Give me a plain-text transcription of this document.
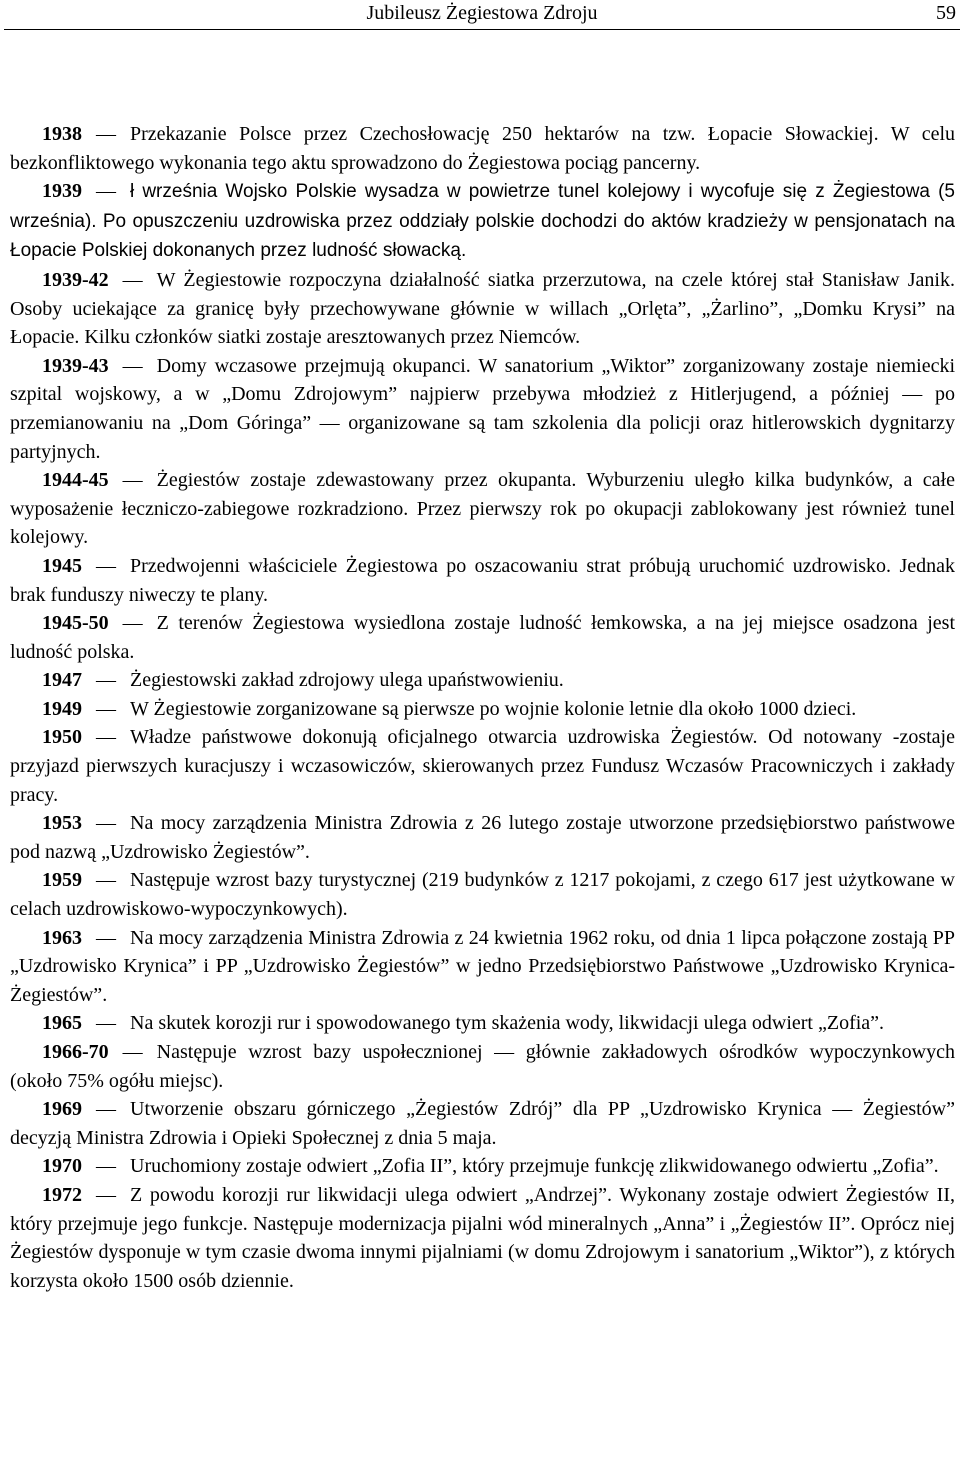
Jubileusz Żegiestowa Zdroju	59

1938 — Przekazanie Polsce przez Czechosłowację 250 hektarów na tzw. Łopacie Słowackiej. W celu bezkonfliktowego wykonania tego aktu sprowadzono do Żegiestowa pociąg pancerny.

1939 — ł września Wojsko Polskie wysadza w powietrze tunel kolejowy i wycofuje się z Żegiestowa (5 września). Po opuszczeniu uzdrowiska przez oddziały polskie dochodzi do aktów kradzieży w pensjonatach na Łopacie Polskiej dokonanych przez ludność słowacką.

1939-42 — W Żegiestowie rozpoczyna działalność siatka przerzutowa, na czele której stał Stanisław Janik. Osoby uciekające za granicę były przechowywane głównie w willach „Orlęta”, „Żarlino”, „Domku Krysi” na Łopacie. Kilku członków siatki zostaje aresztowanych przez Niemców.

1939-43 — Domy wczasowe przejmują okupanci. W sanatorium „Wiktor” zorganizowany zostaje niemiecki szpital wojskowy, a w „Domu Zdrojowym” najpierw przebywa młodzież z Hitlerjugend, a później — po przemianowaniu na „Dom Góringa” — organizowane są tam szkolenia dla policji oraz hitlerowskich dygnitarzy partyjnych.

1944-45 — Żegiestów zostaje zdewastowany przez okupanta. Wyburzeniu uległo kilka budynków, a całe wyposażenie łeczniczo-zabiegowe rozkradziono. Przez pierwszy rok po okupacji zablokowany jest również tunel kolejowy.

1945 — Przedwojenni właściciele Żegiestowa po oszacowaniu strat próbują uruchomić uzdrowisko. Jednak brak funduszy niweczy te plany.

1945-50 — Z terenów Żegiestowa wysiedlona zostaje ludność łemkowska, a na jej miejsce osadzona jest ludność polska.

1947 — Żegiestowski zakład zdrojowy ulega upaństwowieniu.

1949 — W Żegiestowie zorganizowane są pierwsze po wojnie kolonie letnie dla około 1000 dzieci.

1950 — Władze państwowe dokonują oficjalnego otwarcia uzdrowiska Żegiestów. Od notowany -zostaje przyjazd pierwszych kuracjuszy i wczasowiczów, skierowanych przez Fundusz Wczasów Pracowniczych i zakłady pracy.

1953 — Na mocy zarządzenia Ministra Zdrowia z 26 lutego zostaje utworzone przedsiębiorstwo państwowe pod nazwą „Uzdrowisko Żegiestów”.

1959 — Następuje wzrost bazy turystycznej (219 budynków z 1217 pokojami, z czego 617 jest użytkowane w celach uzdrowiskowo-wypoczynkowych).

1963 — Na mocy zarządzenia Ministra Zdrowia z 24 kwietnia 1962 roku, od dnia 1 lipca połączone zostają PP „Uzdrowisko Krynica” i PP „Uzdrowisko Żegiestów” w jedno Przedsiębiorstwo Państwowe „Uzdrowisko Krynica-Żegiestów”.

1965 — Na skutek korozji rur i spowodowanego tym skażenia wody, likwidacji ulega odwiert „Zofia”.

1966-70 — Następuje wzrost bazy uspołecznionej — głównie zakładowych ośrodków wypoczynkowych (około 75% ogółu miejsc).

1969 — Utworzenie obszaru górniczego „Żegiestów Zdrój” dla PP „Uzdrowisko Krynica — Żegiestów” decyzją Ministra Zdrowia i Opieki Społecznej z dnia 5 maja.

1970 — Uruchomiony zostaje odwiert „Zofia II”, który przejmuje funkcję zlikwidowanego odwiertu „Zofia”.

1972 — Z powodu korozji rur likwidacji ulega odwiert „Andrzej”. Wykonany zostaje odwiert Żegiestów II, który przejmuje jego funkcje. Następuje modernizacja pijalni wód mineralnych „Anna” i „Żegiestów II”. Oprócz niej Żegiestów dysponuje w tym czasie dwoma innymi pijalniami (w domu Zdrojowym i sanatorium „Wiktor”), z których korzysta około 1500 osób dziennie.
